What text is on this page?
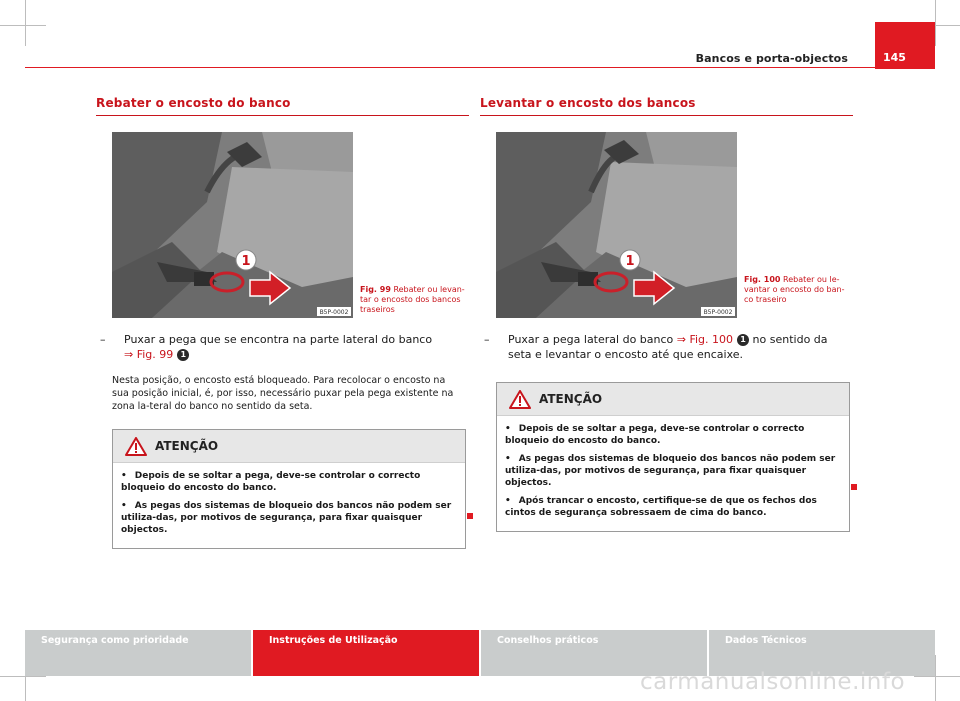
Bancos e porta-objectos	145
Rebater o encosto do banco
1
B5P-0002
Fig. 99 Rebater ou levan-tar o encosto dos bancos traseiros
– Puxar a pega que se encontra na parte lateral do banco
⇒ Fig. 99 1
Nesta posição, o encosto está bloqueado. Para recolocar o encosto na sua posição inicial, é, por isso, necessário puxar pela pega existente na zona la-teral do banco no sentido da seta.
ATENÇÃO
• Depois de se soltar a pega, deve-se controlar o correcto bloqueio do encosto do banco.
• As pegas dos sistemas de bloqueio dos bancos não podem ser utiliza-das, por motivos de segurança, para fixar quaisquer objectos.
Levantar o encosto dos bancos
1
B5P-0002
Fig. 100 Rebater ou le-vantar o encosto do ban-co traseiro
– Puxar a pega lateral do banco ⇒ Fig. 100 1 no sentido da seta e levantar o encosto até que encaixe.
ATENÇÃO
• Depois de se soltar a pega, deve-se controlar o correcto bloqueio do encosto do banco.
• As pegas dos sistemas de bloqueio dos bancos não podem ser utiliza-das, por motivos de segurança, para fixar quaisquer objectos.
• Após trancar o encosto, certifique-se de que os fechos dos cintos de segurança sobressaem de cima do banco.
Segurança como prioridade	Instruções de Utilização	Conselhos práticos	Dados Técnicos
carmanualsonline.info
